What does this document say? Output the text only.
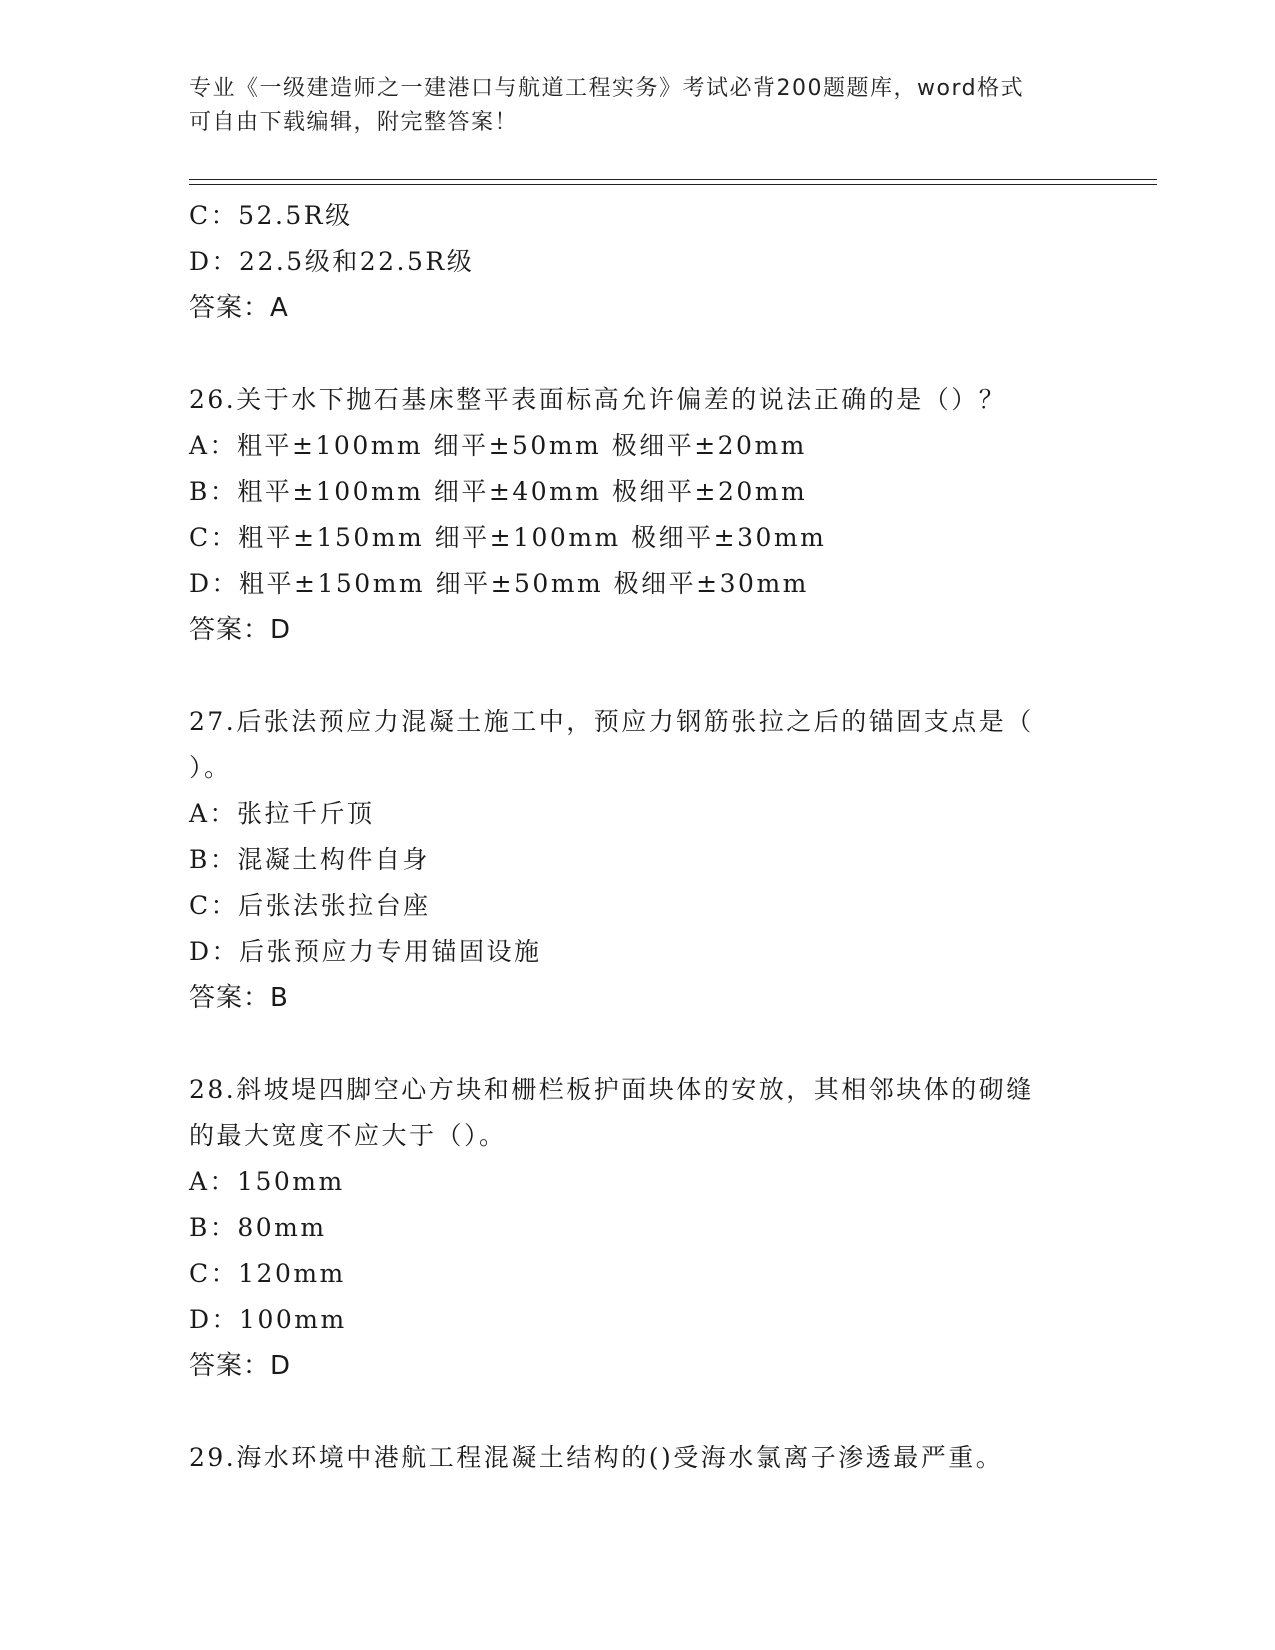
专业《一级建造师之一建港口与航道工程实务》考试必背200题题库，word格式
可自由下载编辑，附完整答案！
C：52.5R级
D：22.5级和22.5R级
答案：A
26.关于水下抛石基床整平表面标高允许偏差的说法正确的是（）？
A：粗平±100mm 细平±50mm 极细平±20mm
B：粗平±100mm 细平±40mm 极细平±20mm
C：粗平±150mm 细平±100mm 极细平±30mm
D：粗平±150mm 细平±50mm 极细平±30mm
答案：D
27.后张法预应力混凝土施工中，预应力钢筋张拉之后的锚固支点是（
）。
A：张拉千斤顶
B：混凝土构件自身
C：后张法张拉台座
D：后张预应力专用锚固设施
答案：B
28.斜坡堤四脚空心方块和栅栏板护面块体的安放，其相邻块体的砌缝
的最大宽度不应大于（）。
A：150mm
B：80mm
C：120mm
D：100mm
答案：D
29.海水环境中港航工程混凝土结构的()受海水氯离子渗透最严重。
